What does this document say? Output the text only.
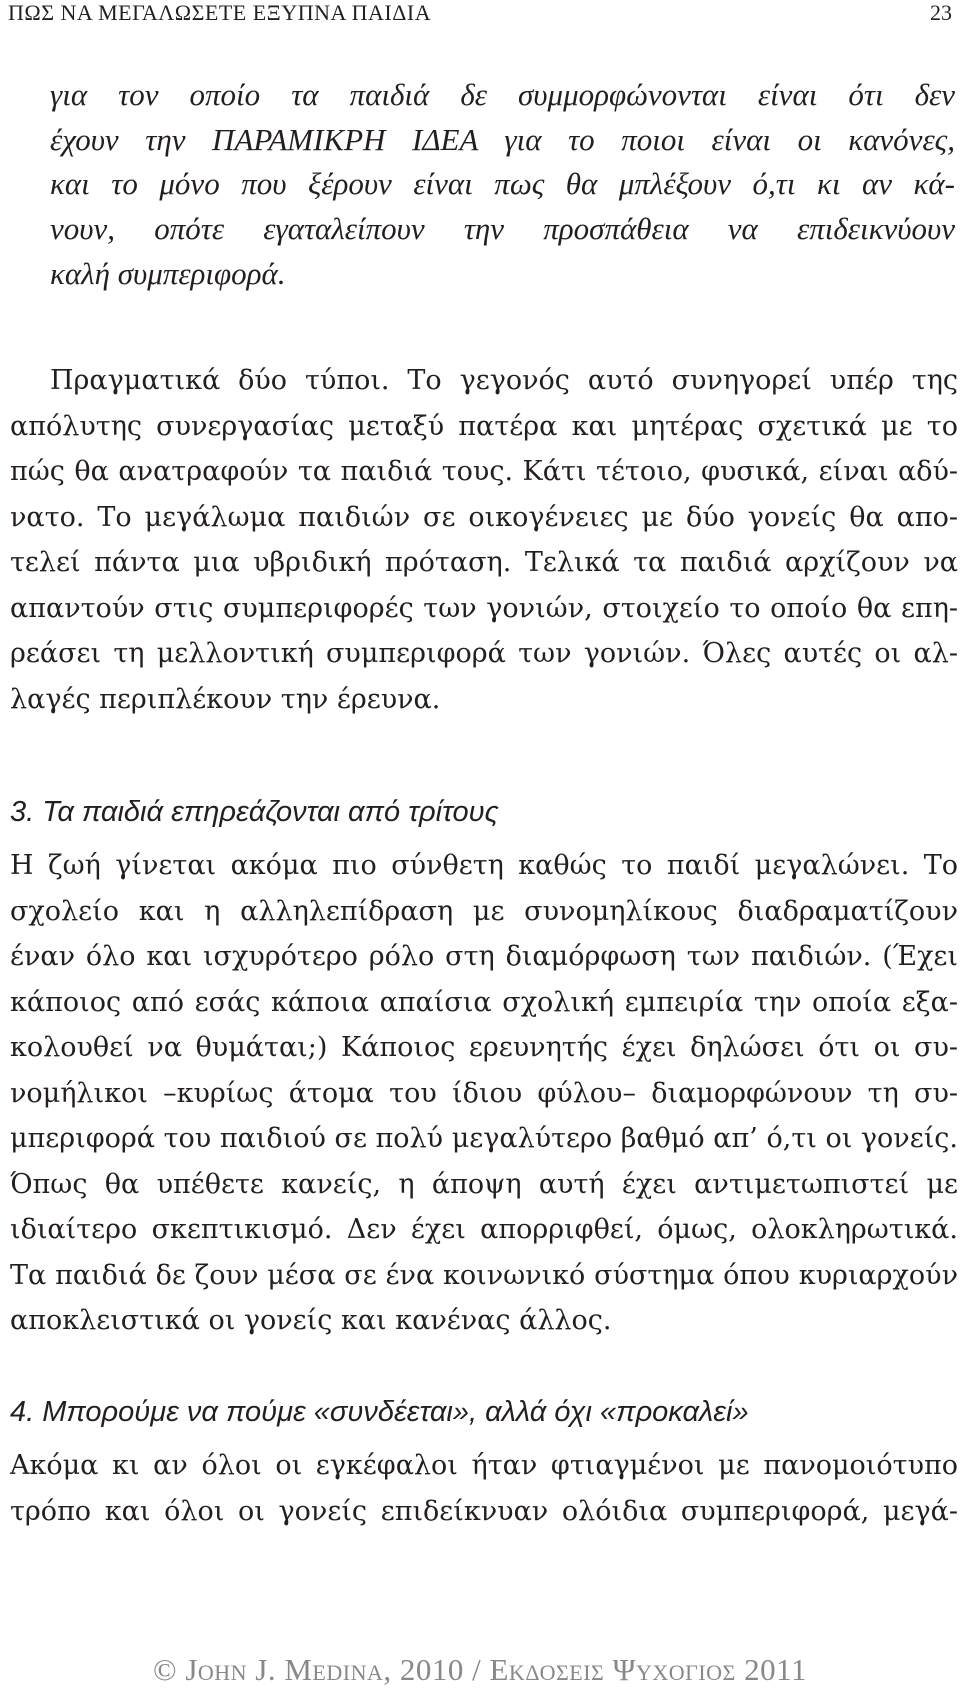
ΠΩΣ ΝΑ ΜΕΓΑΛΩΣΕΤΕ ΕΞΥΠΝΑ ΠΑΙΔΙΑ	23
για τον οποίο τα παιδιά δε συμμορφώνονται είναι ότι δεν
έχουν την ΠΑΡΑΜΙΚΡΗ ΙΔΕΑ για το ποιοι είναι οι κανόνες,
και το μόνο που ξέρουν είναι πως θα μπλέξουν ό,τι κι αν κά-
νουν, οπότε εγαταλείπουν την προσπάθεια να επιδεικνύουν
καλή συμπεριφορά.
Πραγματικά δύο τύποι. Το γεγονός αυτό συνηγορεί υπέρ της
απόλυτης συνεργασίας μεταξύ πατέρα και μητέρας σχετικά με το
πώς θα ανατραφούν τα παιδιά τους. Κάτι τέτοιο, φυσικά, είναι αδύ-
νατο. Το μεγάλωμα παιδιών σε οικογένειες με δύο γονείς θα απο-
τελεί πάντα μια υβριδική πρόταση. Τελικά τα παιδιά αρχίζουν να
απαντούν στις συμπεριφορές των γονιών, στοιχείο το οποίο θα επη-
ρεάσει τη μελλοντική συμπεριφορά των γονιών. Όλες αυτές οι αλ-
λαγές περιπλέκουν την έρευνα.
3. Τα παιδιά επηρεάζονται από τρίτους
Η ζωή γίνεται ακόμα πιο σύνθετη καθώς το παιδί μεγαλώνει. Το
σχολείο και η αλληλεπίδραση με συνομηλίκους διαδραματίζουν
έναν όλο και ισχυρότερο ρόλο στη διαμόρφωση των παιδιών. (Έχει
κάποιος από εσάς κάποια απαίσια σχολική εμπειρία την οποία εξα-
κολουθεί να θυμάται;) Κάποιος ερευνητής έχει δηλώσει ότι οι συ-
νομήλικοι –κυρίως άτομα του ίδιου φύλου– διαμορφώνουν τη συ-
μπεριφορά του παιδιού σε πολύ μεγαλύτερο βαθμό απ’ ό,τι οι γονείς.
Όπως θα υπέθετε κανείς, η άποψη αυτή έχει αντιμετωπιστεί με
ιδιαίτερο σκεπτικισμό. Δεν έχει απορριφθεί, όμως, ολοκληρωτικά.
Τα παιδιά δε ζουν μέσα σε ένα κοινωνικό σύστημα όπου κυριαρχούν
αποκλειστικά οι γονείς και κανένας άλλος.
4. Μπορούμε να πούμε «συνδέεται», αλλά όχι «προκαλεί»
Ακόμα κι αν όλοι οι εγκέφαλοι ήταν φτιαγμένοι με πανομοιότυπο
τρόπο και όλοι οι γονείς επιδείκνυαν ολόιδια συμπεριφορά, μεγά-
© John J. Medina, 2010 / Εκδοσεισ Ψυχογιοσ 2011
